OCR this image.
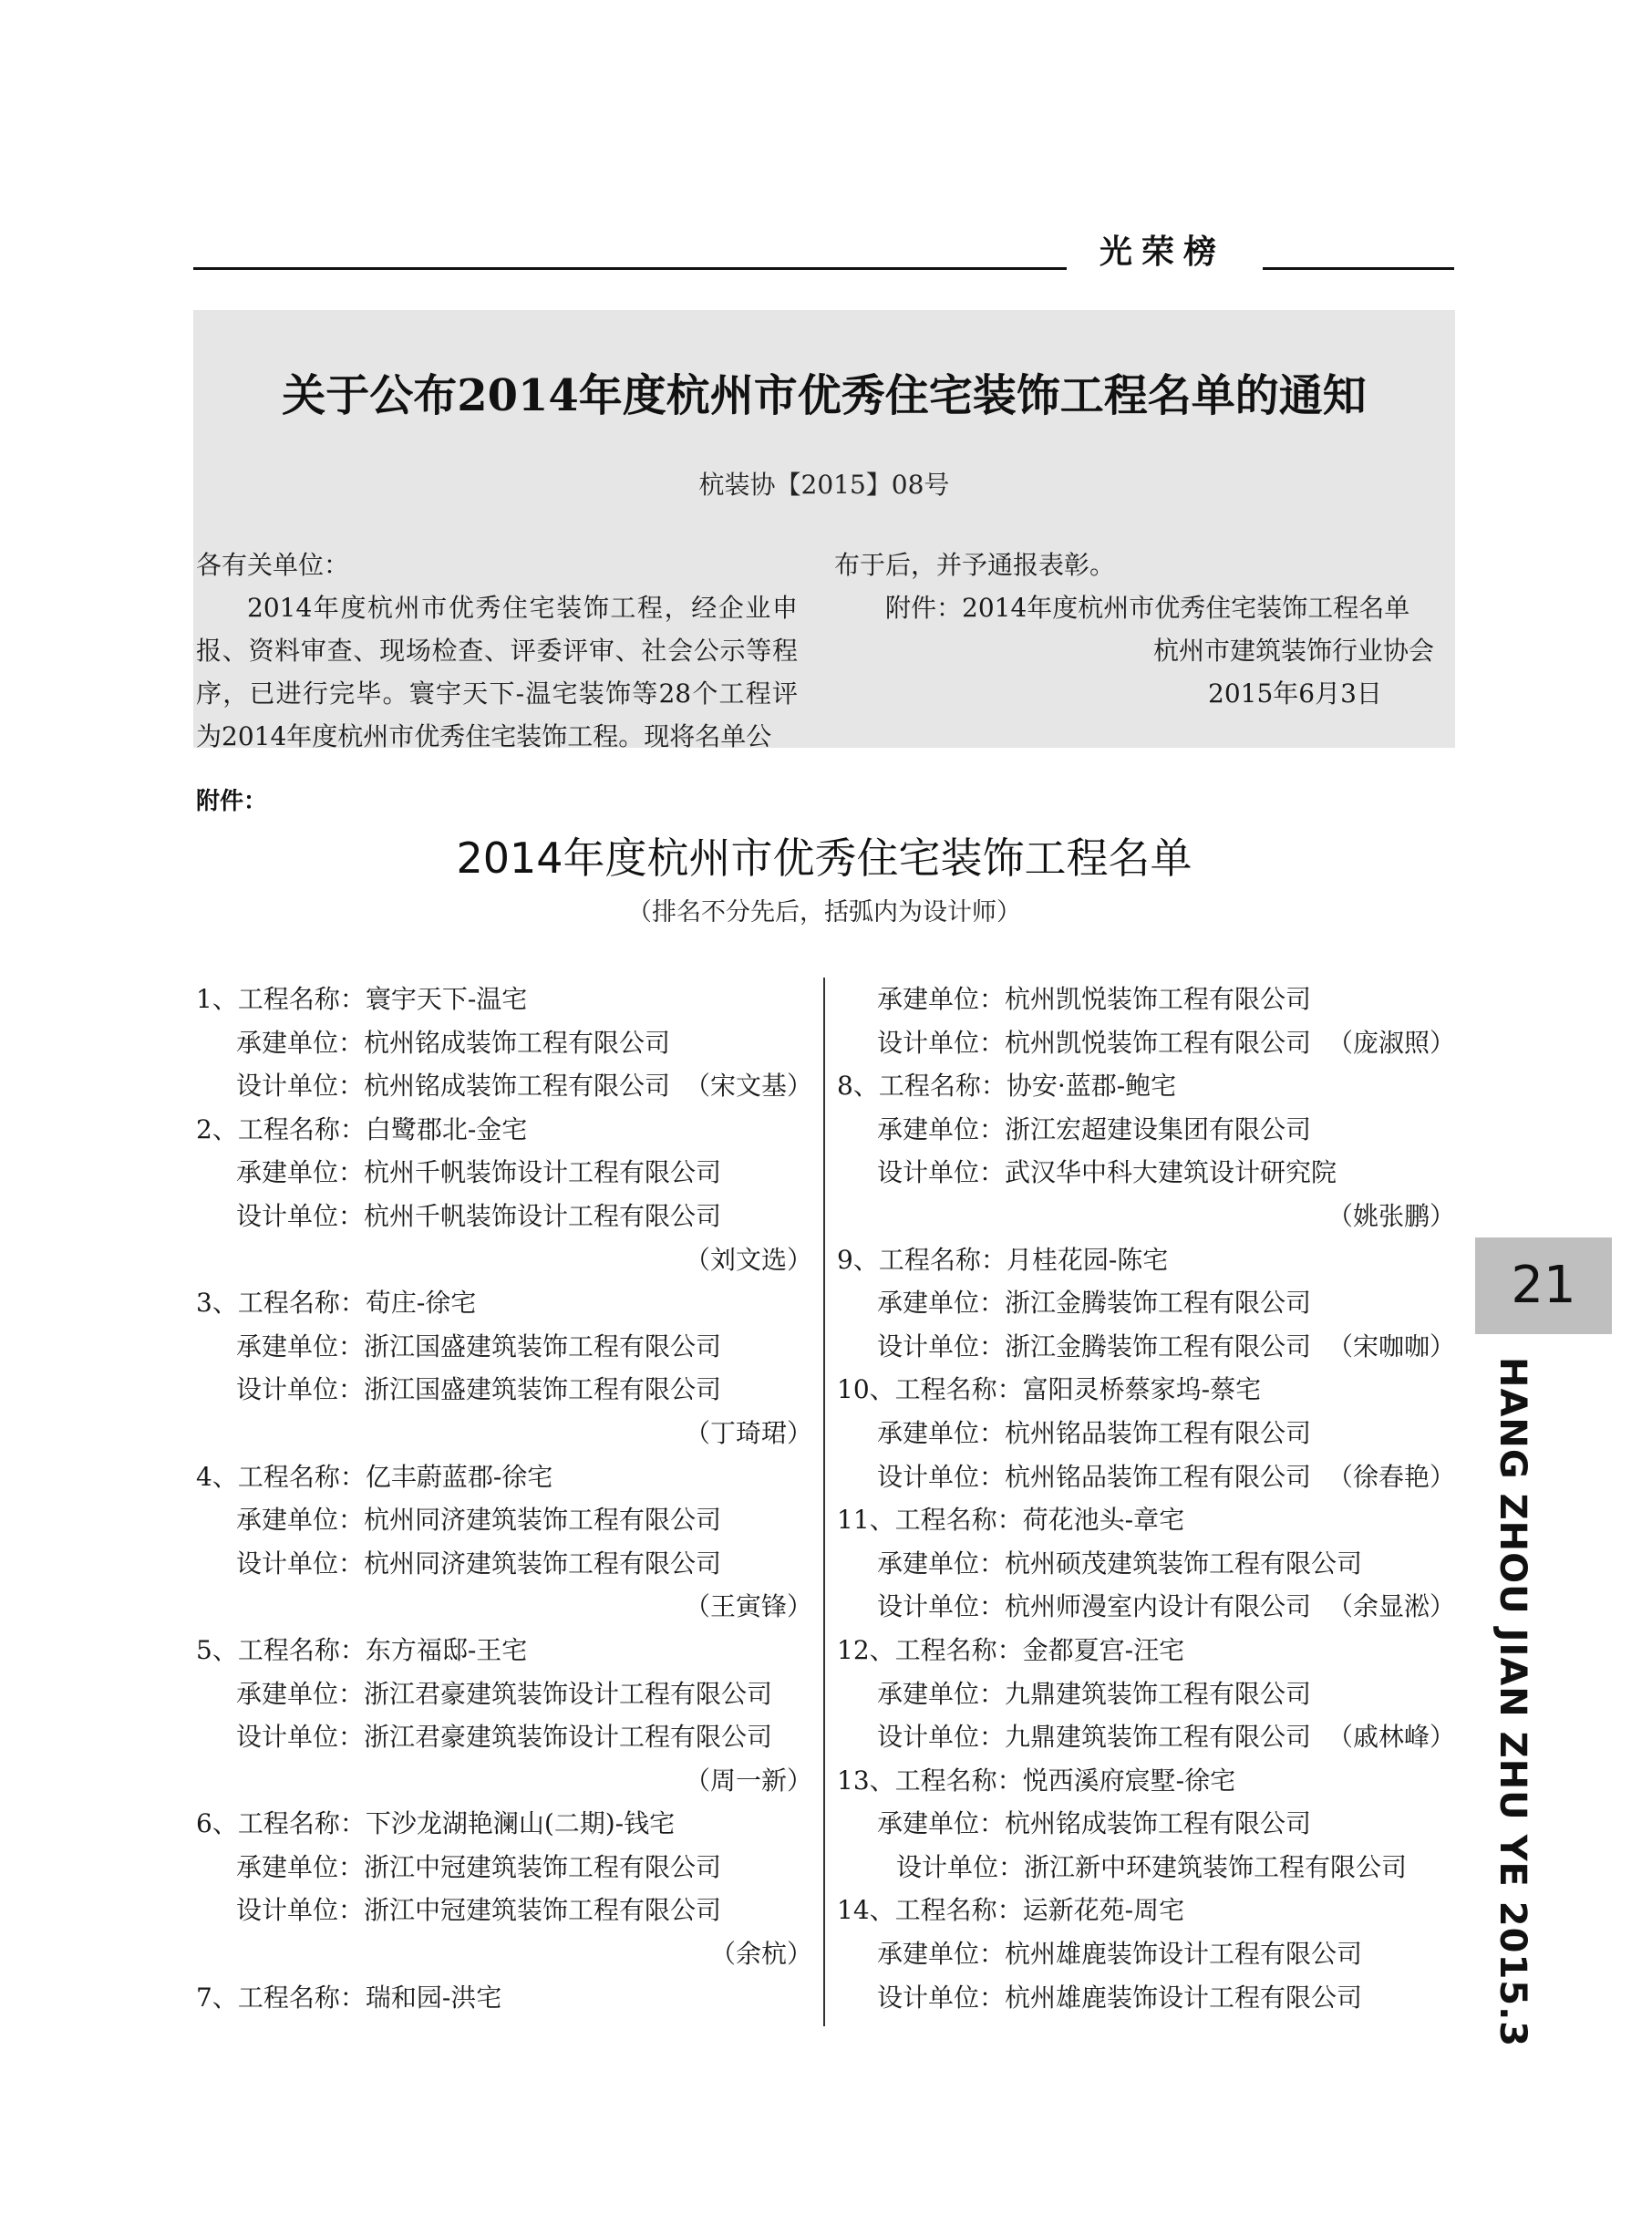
光荣榜
关于公布2014年度杭州市优秀住宅装饰工程名单的通知
杭装协【2015】08号

各有关单位：

2014年度杭州市优秀住宅装饰工程，经企业申报、资料审查、现场检查、评委评审、社会公示等程序，已进行完毕。寰宇天下-温宅装饰等28个工程评为2014年度杭州市优秀住宅装饰工程。现将名单公

布于后，并予通报表彰。
附件：2014年度杭州市优秀住宅装饰工程名单
杭州市建筑装饰行业协会
2015年6月3日
附件：
2014年度杭州市优秀住宅装饰工程名单
（排名不分先后，括弧内为设计师）
1、工程名称：寰宇天下-温宅
承建单位：杭州铭成装饰工程有限公司
设计单位：杭州铭成装饰工程有限公司 （宋文基）
2、工程名称：白鹭郡北-金宅
承建单位：杭州千帆装饰设计工程有限公司
设计单位：杭州千帆装饰设计工程有限公司
（刘文选）
3、工程名称：荀庄-徐宅
承建单位：浙江国盛建筑装饰工程有限公司
设计单位：浙江国盛建筑装饰工程有限公司
（丁琦珺）
4、工程名称：亿丰蔚蓝郡-徐宅
承建单位：杭州同济建筑装饰工程有限公司
设计单位：杭州同济建筑装饰工程有限公司
（王寅锋）
5、工程名称：东方福邸-王宅
承建单位：浙江君豪建筑装饰设计工程有限公司
设计单位：浙江君豪建筑装饰设计工程有限公司
（周一新）
6、工程名称：下沙龙湖艳澜山(二期)-钱宅
承建单位：浙江中冠建筑装饰工程有限公司
设计单位：浙江中冠建筑装饰工程有限公司
（余杭）
7、工程名称：瑞和园-洪宅
承建单位：杭州凯悦装饰工程有限公司
设计单位：杭州凯悦装饰工程有限公司 （庞淑照）
8、工程名称：协安·蓝郡-鲍宅
承建单位：浙江宏超建设集团有限公司
设计单位：武汉华中科大建筑设计研究院
（姚张鹏）
9、工程名称：月桂花园-陈宅
承建单位：浙江金腾装饰工程有限公司
设计单位：浙江金腾装饰工程有限公司 （宋咖咖）
10、工程名称：富阳灵桥蔡家坞-蔡宅
承建单位：杭州铭品装饰工程有限公司
设计单位：杭州铭品装饰工程有限公司 （徐春艳）
11、工程名称：荷花池头-章宅
承建单位：杭州硕茂建筑装饰工程有限公司
设计单位：杭州师漫室内设计有限公司 （余显淞）
12、工程名称：金都夏宫-汪宅
承建单位：九鼎建筑装饰工程有限公司
设计单位：九鼎建筑装饰工程有限公司 （戚林峰）
13、工程名称：悦西溪府宸墅-徐宅
承建单位：杭州铭成装饰工程有限公司
设计单位：浙江新中环建筑装饰工程有限公司
14、工程名称：运新花苑-周宅
承建单位：杭州雄鹿装饰设计工程有限公司
设计单位：杭州雄鹿装饰设计工程有限公司
21
HANG ZHOU JIAN ZHU YE 2015.3
